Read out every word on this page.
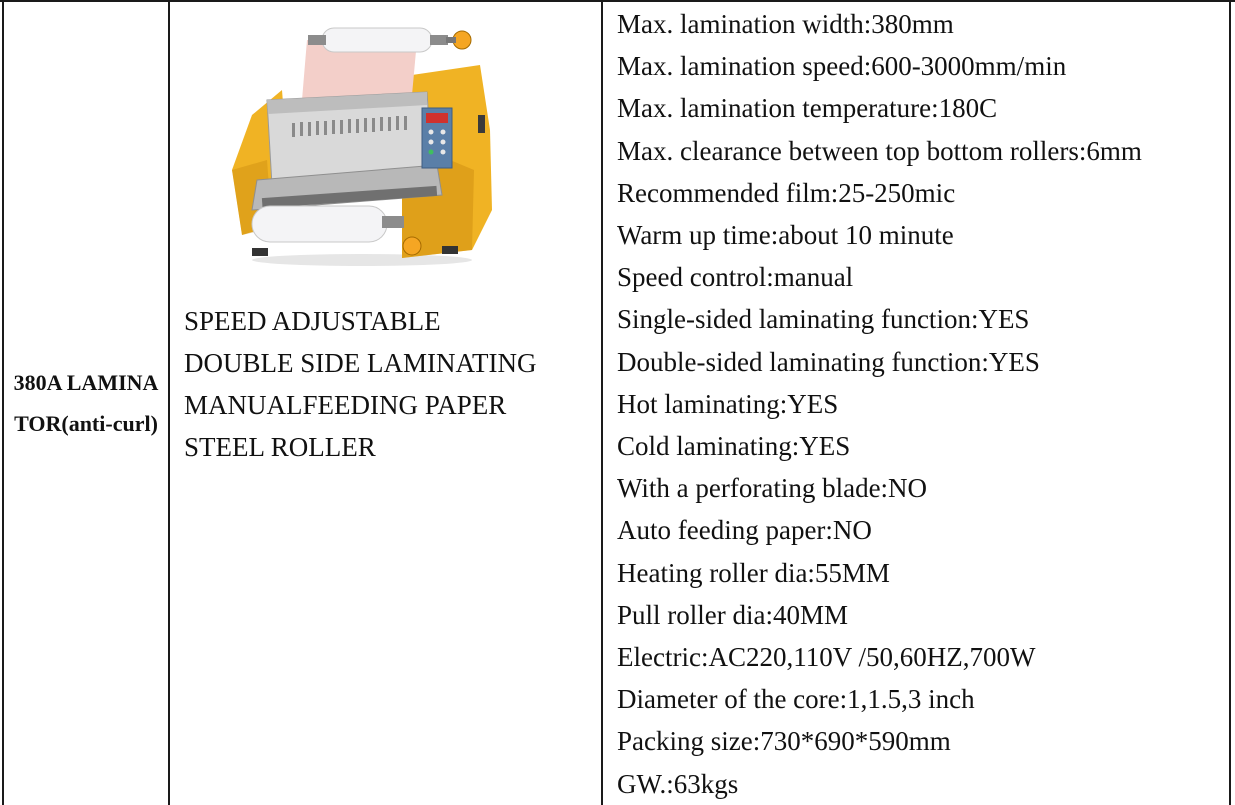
380A LAMINATOR(anti-curl)
SPEED ADJUSTABLE
DOUBLE SIDE LAMINATING
MANUALFEEDING PAPER
STEEL ROLLER
Max. lamination width:380mm
Max. lamination speed:600-3000mm/min
Max. lamination temperature:180C
Max. clearance between top bottom rollers:6mm
Recommended film:25-250mic
Warm up time:about 10 minute
Speed control:manual
Single-sided laminating function:YES
Double-sided laminating function:YES
Hot laminating:YES
Cold laminating:YES
With a perforating blade:NO
Auto feeding paper:NO
Heating roller dia:55MM
Pull roller dia:40MM
Electric:AC220,110V /50,60HZ,700W
Diameter of the core:1,1.5,3 inch
Packing size:730*690*590mm
GW.:63kgs
